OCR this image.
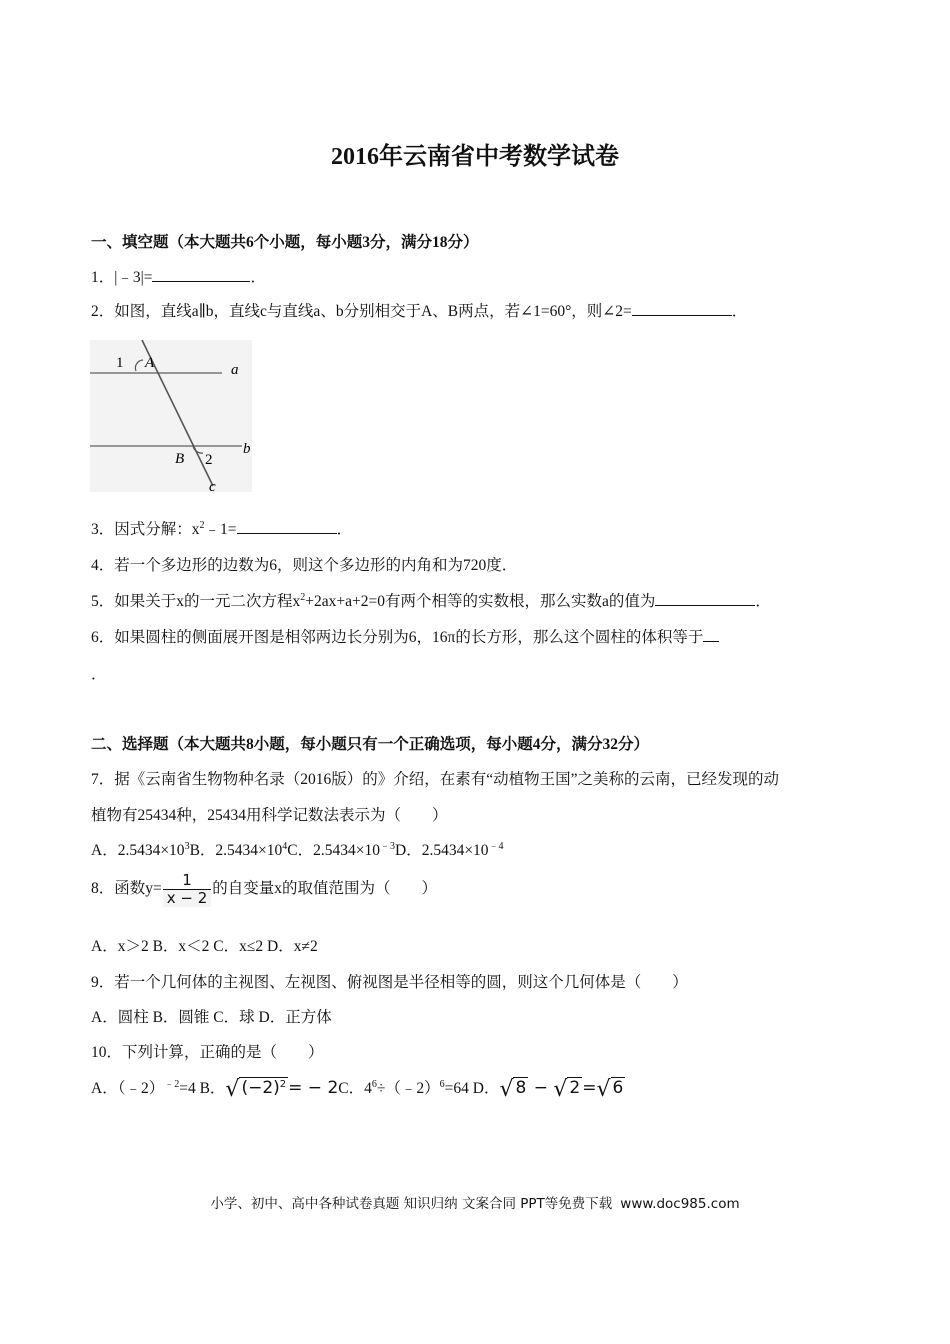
2016年云南省中考数学试卷
一、填空题（本大题共6个小题，每小题3分，满分18分）
1．|﹣3|=	．
2．如图，直线a∥b，直线c与直线a、b分别相交于A、B两点，若∠1=60°，则∠2=	．
1 A	a
B 2
b
c
3．因式分解：$x^2﹣1=$	．
4．若一个多边形的边数为6，则这个多边形的内角和为720度．
5．如果关于x的一元二次方程$x^2+2ax+a+2=0$有两个相等的实数根，那么实数a的值为	．
6．如果圆柱的侧面展开图是相邻两边长分别为6，16π的长方形，那么这个圆柱的体积等于
．
二、选择题（本大题共8小题，每小题只有一个正确选项，每小题4分，满分32分）
7．据《云南省生物物种名录（2016版）的》介绍，在素有“动植物王国”之美称的云南，已经发现的动
植物有25434种，25434用科学记数法表示为（　　）
A．$2.5434\times 10^3B$．$2.5434\times 10^4C$．$2.5434\times 10^{﹣3}D$．$2.5434\times 10^{﹣4}$
8．函数$y= \frac{1}{x - 2}$ 的自变量x的取值范围为（　　）
A．x＞2 B．x＜2 C．x≤2 D．x≠2
9．若一个几何体的主视图、左视图、俯视图是半径相等的圆，则这个几何体是（　　）
A．圆柱 B．圆锥 C．球 D．正方体
10．下列计算，正确的是（　　）
A．（﹣2）$^{﹣2}$=4 B．√ $(-2)^2$ = − 2C．$4^6\div(﹣2)^6=64$ D．√ 8 − √ 2 =√ 6
小学、初中、高中各种试卷真题 知识归纳 文案合同 PPT等免费下载 www.doc985.com
